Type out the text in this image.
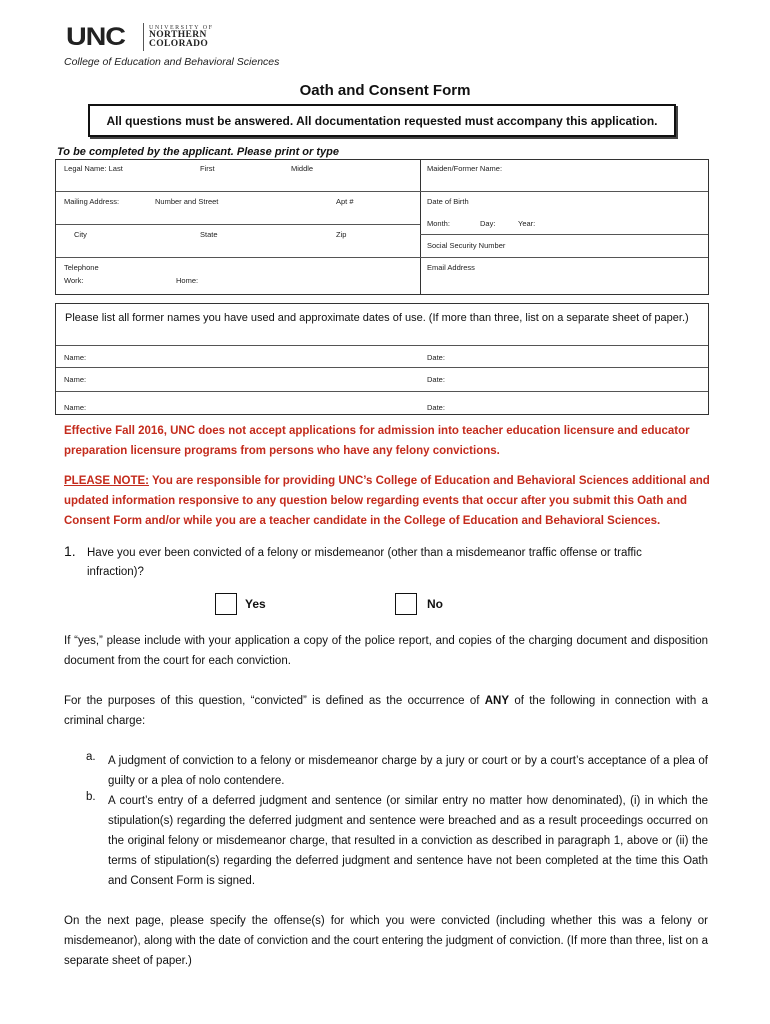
UNC	UNIVERSITY OF
NORTHERN
COLORADO
College of Education and Behavioral Sciences
Oath and Consent Form
All questions must be answered. All documentation requested must accompany this application.
To be completed by the applicant. Please print or type
Legal Name: Last	First	Middle	Maiden/Former Name:
Mailing Address:	Number and Street	Apt #	Date of Birth
Month:	Day:	Year:
City	State	Zip
Social Security Number
Telephone
Work:	Home:
Email Address
Please list all former names you have used and approximate dates of use. (If more than three, list on a separate sheet of paper.)
Name:	Date:
Name:	Date:
Name:	Date:
Effective Fall 2016, UNC does not accept applications for admission into teacher education licensure and educator preparation licensure programs from persons who have any felony convictions.
PLEASE NOTE: You are responsible for providing UNC’s College of Education and Behavioral Sciences additional and updated information responsive to any question below regarding events that occur after you submit this Oath and Consent Form and/or while you are a teacher candidate in the College of Education and Behavioral Sciences.
1. Have you ever been convicted of a felony or misdemeanor (other than a misdemeanor traffic offense or traffic infraction)?
Yes	No
If “yes,” please include with your application a copy of the police report, and copies of the charging document and disposition document from the court for each conviction.
For the purposes of this question, “convicted” is defined as the occurrence of ANY of the following in connection with a criminal charge:
a. A judgment of conviction to a felony or misdemeanor charge by a jury or court or by a court’s acceptance of a plea of guilty or a plea of nolo contendere.
b. A court’s entry of a deferred judgment and sentence (or similar entry no matter how denominated), (i) in which the stipulation(s) regarding the deferred judgment and sentence were breached and as a result proceedings occurred on the original felony or misdemeanor charge, that resulted in a conviction as described in paragraph 1, above or (ii) the terms of stipulation(s) regarding the deferred judgment and sentence have not been completed at the time this Oath and Consent Form is signed.
On the next page, please specify the offense(s) for which you were convicted (including whether this was a felony or misdemeanor), along with the date of conviction and the court entering the judgment of conviction. (If more than three, list on a separate sheet of paper.)
